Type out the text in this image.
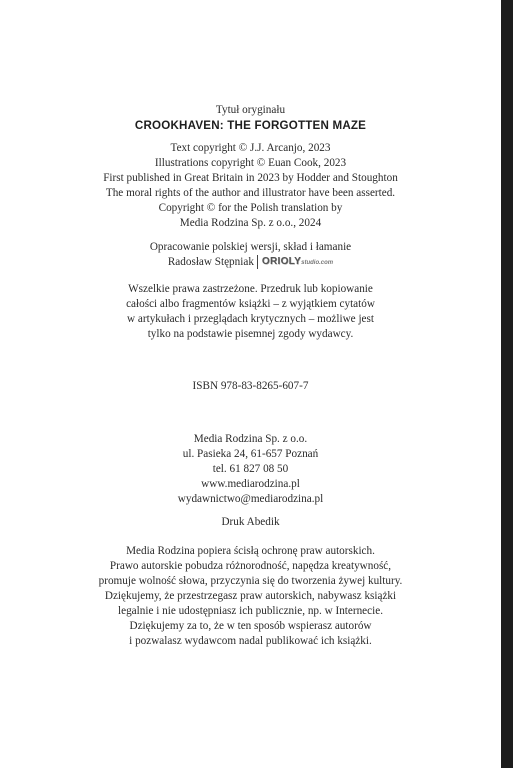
Tytuł oryginału
CROOKHAVEN: THE FORGOTTEN MAZE
Text copyright © J.J. Arcanjo, 2023
Illustrations copyright © Euan Cook, 2023
First published in Great Britain in 2023 by Hodder and Stoughton
The moral rights of the author and illustrator have been asserted.
Copyright © for the Polish translation by
Media Rodzina Sp. z o.o., 2024
Opracowanie polskiej wersji, skład i łamanie
Radosław Stępniak ORIOLYstudio.com
Wszelkie prawa zastrzeżone. Przedruk lub kopiowanie
całości albo fragmentów książki – z wyjątkiem cytatów
w artykułach i przeglądach krytycznych – możliwe jest
tylko na podstawie pisemnej zgody wydawcy.
ISBN 978-83-8265-607-7
Media Rodzina Sp. z o.o.
ul. Pasieka 24, 61-657 Poznań
tel. 61 827 08 50
www.mediarodzina.pl
wydawnictwo@mediarodzina.pl
Druk Abedik
Media Rodzina popiera ścisłą ochronę praw autorskich.
Prawo autorskie pobudza różnorodność, napędza kreatywność,
promuje wolność słowa, przyczynia się do tworzenia żywej kultury.
Dziękujemy, że przestrzegasz praw autorskich, nabywasz książki
legalnie i nie udostępniasz ich publicznie, np. w Internecie.
Dziękujemy za to, że w ten sposób wspierasz autorów
i pozwalasz wydawcom nadal publikować ich książki.
